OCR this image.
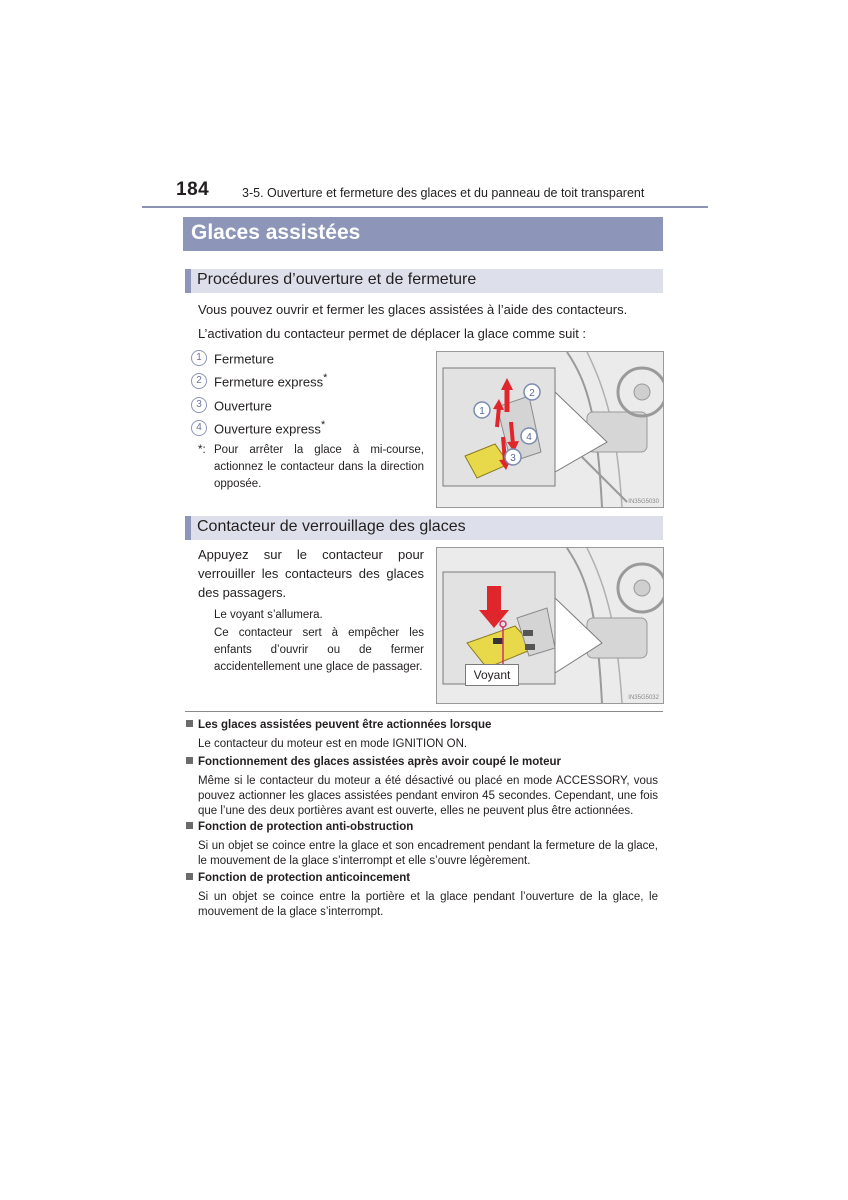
184	3-5. Ouverture et fermeture des glaces et du panneau de toit transparent
Glaces assistées
Procédures d’ouverture et de fermeture
Vous pouvez ouvrir et fermer les glaces assistées à l’aide des contacteurs.
L’activation du contacteur permet de déplacer la glace comme suit :
1 Fermeture
2 Fermeture express*
3 Ouverture
4 Ouverture express*
*: Pour arrêter la glace à mi-course, actionnez le contacteur dans la direction opposée.
1
2
3
4
IN35G5030
Contacteur de verrouillage des glaces
Appuyez sur le contacteur pour verrouiller les contacteurs des glaces des passagers.
Le voyant s’allumera.
Ce contacteur sert à empêcher les enfants d’ouvrir ou de fermer accidentellement une glace de passager.
Voyant
IN35G5032
Les glaces assistées peuvent être actionnées lorsque
Le contacteur du moteur est en mode IGNITION ON.
Fonctionnement des glaces assistées après avoir coupé le moteur
Même si le contacteur du moteur a été désactivé ou placé en mode ACCESSORY, vous pouvez actionner les glaces assistées pendant environ 45 secondes. Cependant, une fois que l’une des deux portières avant est ouverte, elles ne peuvent plus être actionnées.
Fonction de protection anti-obstruction
Si un objet se coince entre la glace et son encadrement pendant la fermeture de la glace, le mouvement de la glace s’interrompt et elle s’ouvre légèrement.
Fonction de protection anticoincement
Si un objet se coince entre la portière et la glace pendant l’ouverture de la glace, le mouvement de la glace s’interrompt.
